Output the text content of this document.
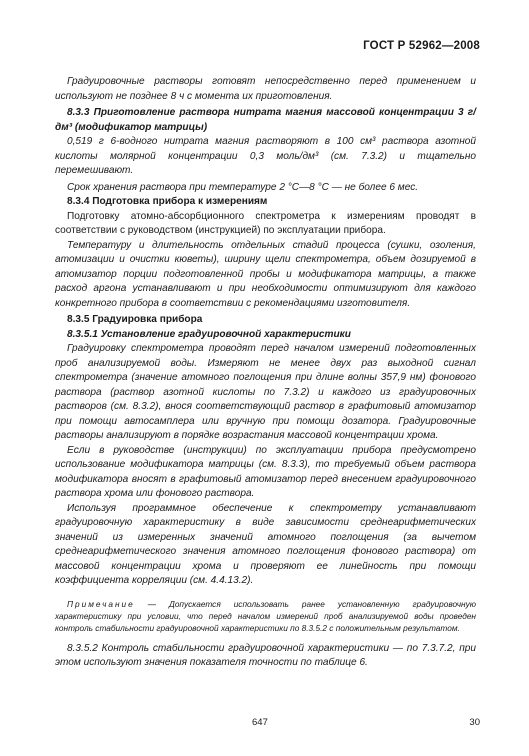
ГОСТ Р 52962—2008

Градуировочные растворы готовят непосредственно перед применением и используют не позднее 8 ч с момента их приготовления.

8.3.3 Приготовление раствора нитрата магния массовой концентрации 3 г/дм³ (модификатор матрицы)

0,519 г 6-водного нитрата магния растворяют в 100 см³ раствора азотной кислоты молярной концентрации 0,3 моль/дм³ (см. 7.3.2) и тщательно перемешивают.

Срок хранения раствора при температуре 2 °С—8 °С — не более 6 мес.

8.3.4 Подготовка прибора к измерениям

Подготовку атомно-абсорбционного спектрометра к измерениям проводят в соответствии с руководством (инструкцией) по эксплуатации прибора.

Температуру и длительность отдельных стадий процесса (сушки, озоления, атомизации и очистки кюветы), ширину щели спектрометра, объем дозируемой в атомизатор порции подготовленной пробы и модификатора матрицы, а также расход аргона устанавливают и при необходимости оптимизируют для каждого конкретного прибора в соответствии с рекомендациями изготовителя.

8.3.5 Градуировка прибора

8.3.5.1 Установление градуировочной характеристики

Градуировку спектрометра проводят перед началом измерений подготовленных проб анализируемой воды. Измеряют не менее двух раз выходной сигнал спектрометра (значение атомного поглощения при длине волны 357,9 нм) фонового раствора (раствор азотной кислоты по 7.3.2) и каждого из градуировочных растворов (см. 8.3.2), внося соответствующий раствор в графитовый атомизатор при помощи автосамплера или вручную при помощи дозатора. Градуировочные растворы анализируют в порядке возрастания массовой концентрации хрома.

Если в руководстве (инструкции) по эксплуатации прибора предусмотрено использование модификатора матрицы (см. 8.3.3), то требуемый объем раствора модификатора вносят в графитовый атомизатор перед внесением градуировочного раствора хрома или фонового раствора.

Используя программное обеспечение к спектрометру устанавливают градуировочную характеристику в виде зависимости среднеарифметических значений из измеренных значений атомного поглощения (за вычетом среднеарифметического значения атомного поглощения фонового раствора) от массовой концентрации хрома и проверяют ее линейность при помощи коэффициента корреляции (см. 4.4.13.2).

Примечание — Допускается использовать ранее установленную градуировочную характеристику при условии, что перед началом измерений проб анализируемой воды проведен контроль стабильности градуировочной характеристики по 8.3.5.2 с положительным результатом.

8.3.5.2 Контроль стабильности градуировочной характеристики — по 7.3.7.2, при этом используют значения показателя точности по таблице 6.

647	30
